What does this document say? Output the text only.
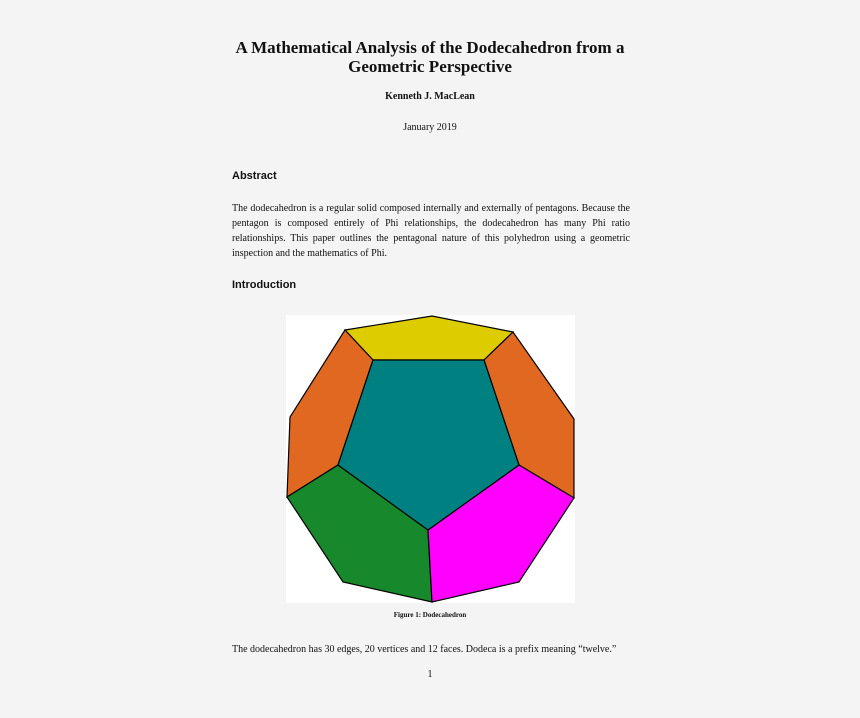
A Mathematical Analysis of the Dodecahedron from a Geometric Perspective
Kenneth J. MacLean
January 2019
Abstract
The dodecahedron is a regular solid composed internally and externally of pentagons. Because the pentagon is composed entirely of Phi relationships, the dodecahedron has many Phi ratio relationships. This paper outlines the pentagonal nature of this polyhedron using a geometric inspection and the mathematics of Phi.
Introduction
Figure 1: Dodecahedron
The dodecahedron has 30 edges, 20 vertices and 12 faces. Dodeca is a prefix meaning “twelve.”
1
